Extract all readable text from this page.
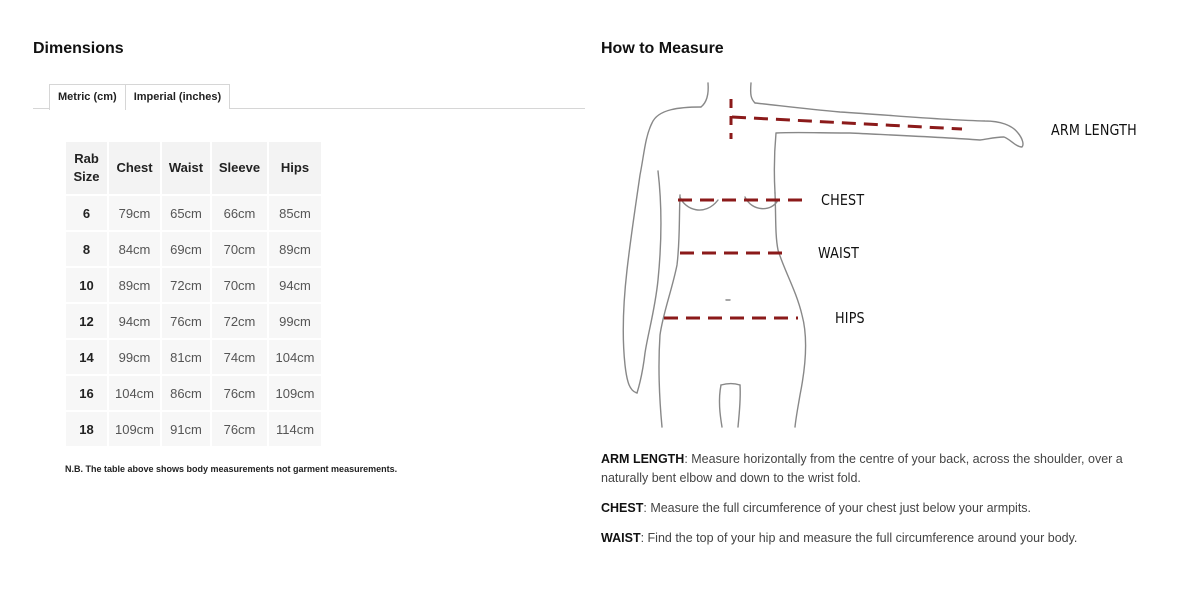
Dimensions
Metric (cm)	Imperial (inches)
Rab Size	Chest	Waist	Sleeve	Hips
6	79cm	65cm	66cm	85cm
8	84cm	69cm	70cm	89cm
10	89cm	72cm	70cm	94cm
12	94cm	76cm	72cm	99cm
14	99cm	81cm	74cm	104cm
16	104cm	86cm	76cm	109cm
18	109cm	91cm	76cm	114cm
N.B. The table above shows body measurements not garment measurements.
How to Measure
ARM LENGTH
CHEST
WAIST
HIPS
ARM LENGTH: Measure horizontally from the centre of your back, across the shoulder, over a naturally bent elbow and down to the wrist fold.
CHEST: Measure the full circumference of your chest just below your armpits.
WAIST: Find the top of your hip and measure the full circumference around your body.
